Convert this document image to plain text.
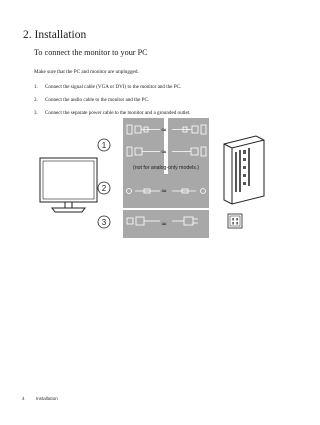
2. Installation
To connect the monitor to your PC

Make sure that the PC and monitor are unplugged.

1.	Connect the signal cable (VGA or DVI) to the monitor and the PC.
2.	Connect the audio cable to the monitor and the PC.
3.	Connect the separate power cable to the monitor and a grounded outlet.
≈
≈
≈
≈
1
2
3
(not for analog-only models.)
4 Installation
